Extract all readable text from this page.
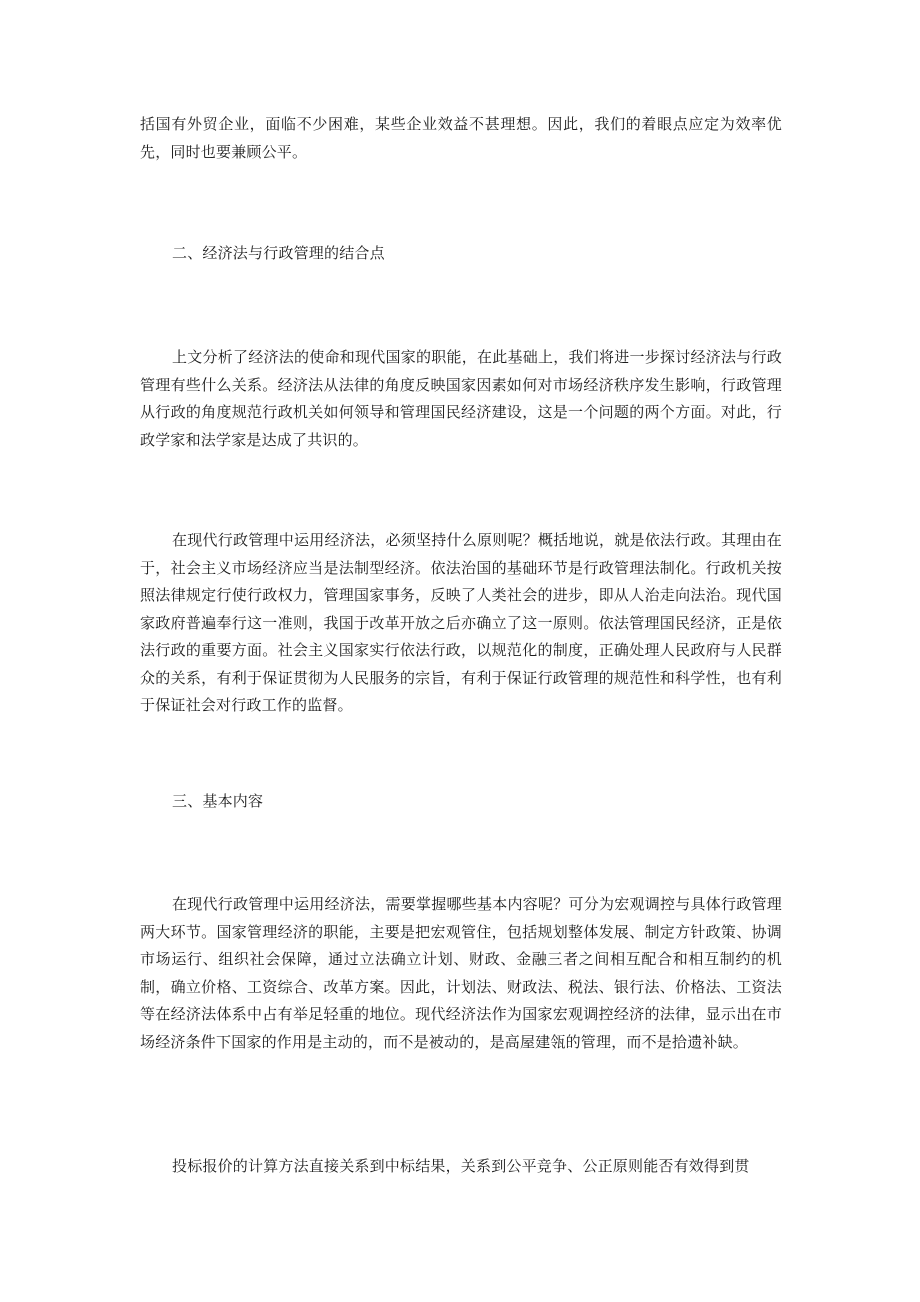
括国有外贸企业，面临不少困难，某些企业效益不甚理想。因此，我们的着眼点应定为效率优先，同时也要兼顾公平。

二、经济法与行政管理的结合点

上文分析了经济法的使命和现代国家的职能，在此基础上，我们将进一步探讨经济法与行政管理有些什么关系。经济法从法律的角度反映国家因素如何对市场经济秩序发生影响，行政管理从行政的角度规范行政机关如何领导和管理国民经济建设，这是一个问题的两个方面。对此，行政学家和法学家是达成了共识的。

在现代行政管理中运用经济法，必须坚持什么原则呢？概括地说，就是依法行政。其理由在于，社会主义市场经济应当是法制型经济。依法治国的基础环节是行政管理法制化。行政机关按照法律规定行使行政权力，管理国家事务，反映了人类社会的进步，即从人治走向法治。现代国家政府普遍奉行这一准则，我国于改革开放之后亦确立了这一原则。依法管理国民经济，正是依法行政的重要方面。社会主义国家实行依法行政，以规范化的制度，正确处理人民政府与人民群众的关系，有利于保证贯彻为人民服务的宗旨，有利于保证行政管理的规范性和科学性，也有利于保证社会对行政工作的监督。

三、基本内容

在现代行政管理中运用经济法，需要掌握哪些基本内容呢？可分为宏观调控与具体行政管理两大环节。国家管理经济的职能，主要是把宏观管住，包括规划整体发展、制定方针政策、协调市场运行、组织社会保障，通过立法确立计划、财政、金融三者之间相互配合和相互制约的机制，确立价格、工资综合、改革方案。因此，计划法、财政法、税法、银行法、价格法、工资法等在经济法体系中占有举足轻重的地位。现代经济法作为国家宏观调控经济的法律，显示出在市场经济条件下国家的作用是主动的，而不是被动的，是高屋建瓴的管理，而不是拾遗补缺。

投标报价的计算方法直接关系到中标结果，关系到公平竞争、公正原则能否有效得到贯
